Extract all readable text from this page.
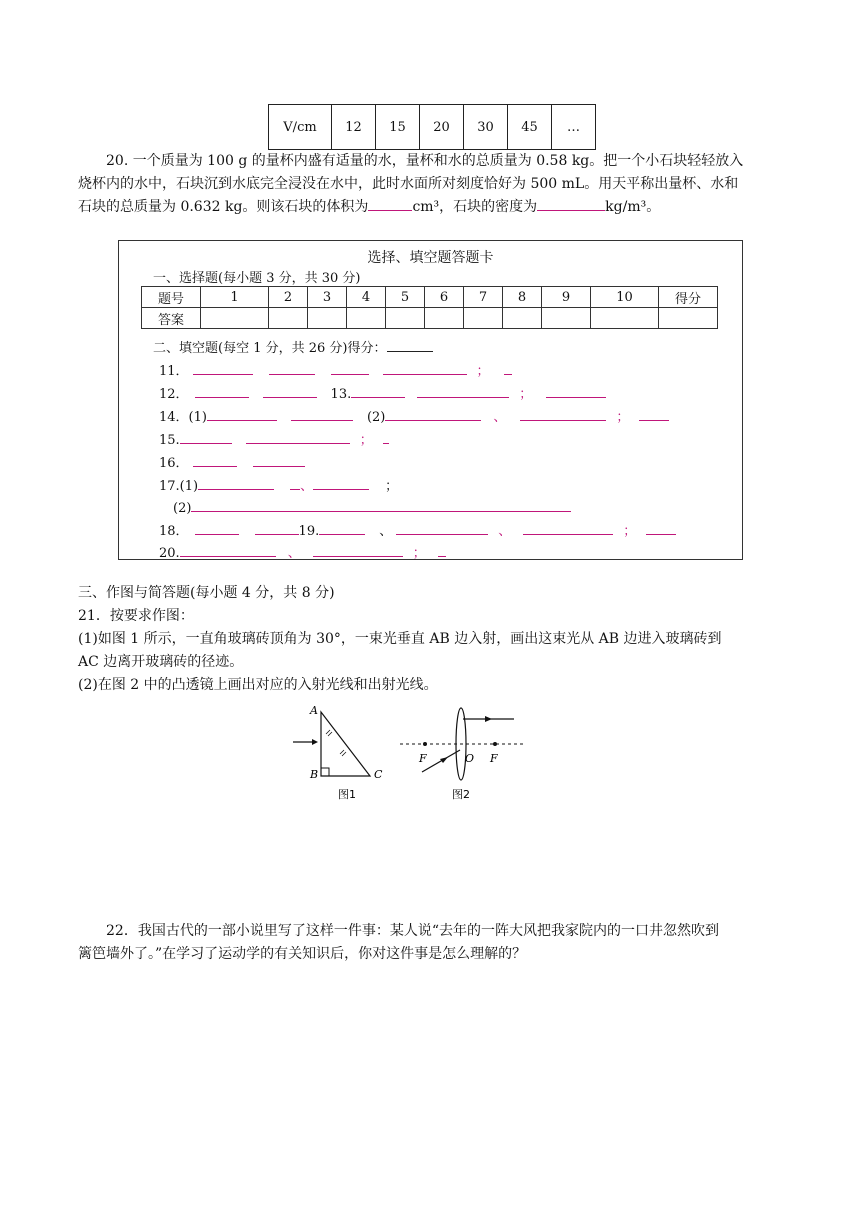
V/cm	12	15	20	30	45	…
20. 一个质量为 100 g 的量杯内盛有适量的水，量杯和水的总质量为 0.58 kg。把一个小石块轻轻放入
烧杯内的水中，石块沉到水底完全浸没在水中，此时水面所对刻度恰好为 500 mL。用天平称出量杯、水和
石块的总质量为 0.632 kg。则该石块的体积为	cm³，石块的密度为	kg/m³。
选择、填空题答题卡
一、选择题(每小题 3 分，共 30 分)
题号	1	2	3	4	5	6	7	8	9	10	得分
答案											
二、填空题(每空 1 分，共 26 分)得分：
11．	；
12．	13.	；
14．(1)	(2)	、	；
15.	；
16．
17.(1)	、	；
(2)
18．	19.	、	、	；
20.	、	；
三、作图与简答题(每小题 4 分，共 8 分)
21．按要求作图：
(1)如图 1 所示，一直角玻璃砖顶角为 30°，一束光垂直 AB 边入射，画出这束光从 AB 边进入玻璃砖到
AC 边离开玻璃砖的径迹。
(2)在图 2 中的凸透镜上画出对应的入射光线和出射光线。
A
B	C
图1
F	O F
图2
22．我国古代的一部小说里写了这样一件事：某人说“去年的一阵大风把我家院内的一口井忽然吹到
篱笆墙外了。”在学习了运动学的有关知识后，你对这件事是怎么理解的？
